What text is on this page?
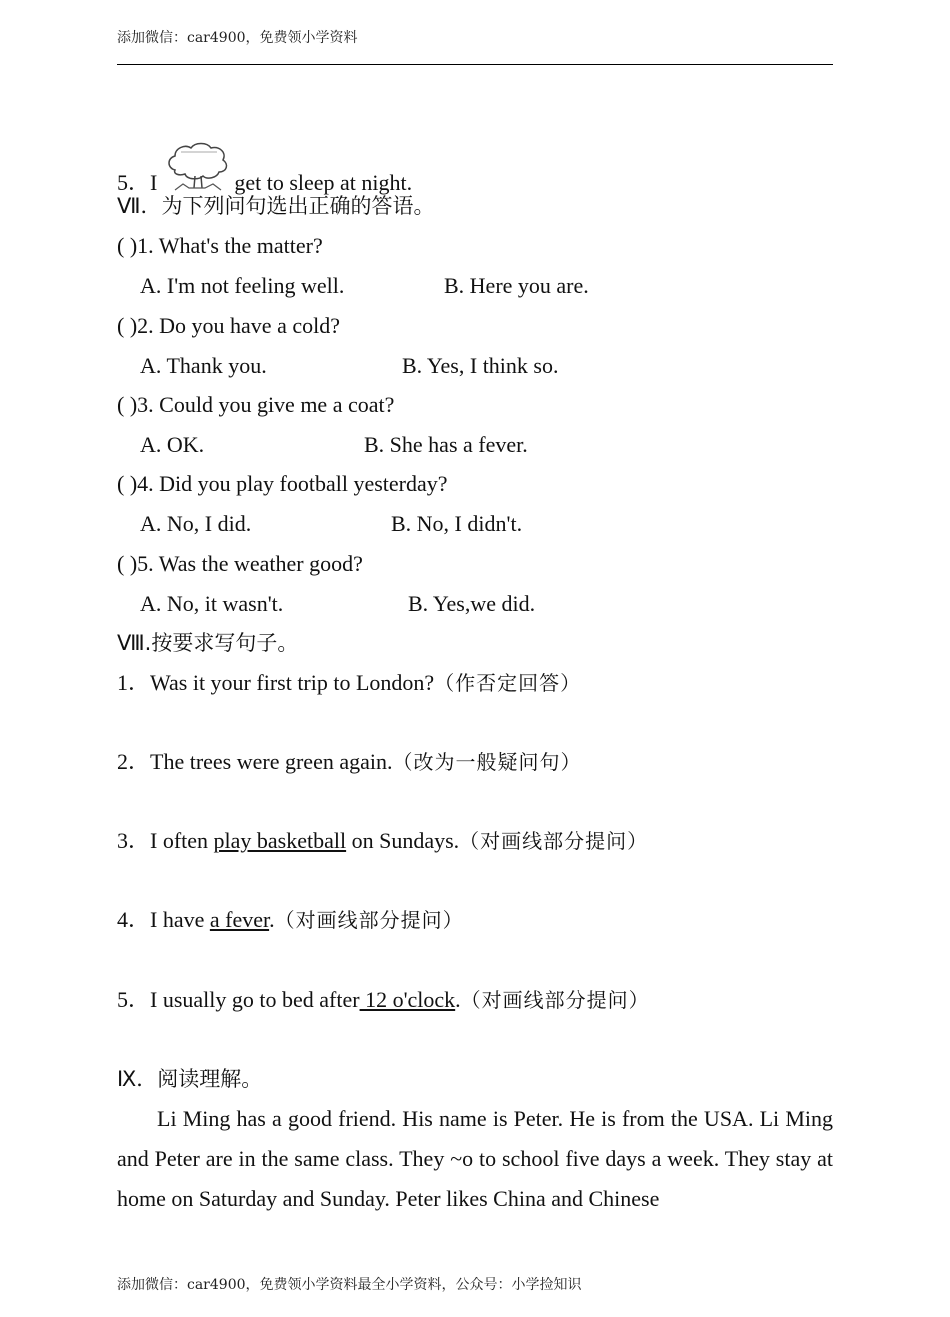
添加微信：car4900，免费领小学资料
5．I	get to sleep at night.
Ⅶ．为下列问句选出正确的答语。
( )1. What's the matter?
A. I'm not feeling well.	B. Here you are.
( )2. Do you have a cold?
A. Thank you.	B. Yes, I think so.
( )3. Could you give me a coat?
A. OK.	B. She has a fever.
( )4. Did you play football yesterday?
A. No, I did.	B. No, I didn't.
( )5. Was the weather good?
A. No, it wasn't.	B. Yes,we did.
Ⅷ.按要求写句子。
1．Was it your first trip to London?（作否定回答）
2．The trees were green again.（改为一般疑问句）
3．I often play basketball on Sundays.（对画线部分提问）
4．I have a fever.（对画线部分提问）
5．I usually go to bed after 12 o'clock.（对画线部分提问）
Ⅸ．阅读理解。
Li Ming has a good friend. His name is Peter. He is from the USA. Li Ming and Peter are in the same class. They ~o to school five days a week. They stay at home on Saturday and Sunday. Peter likes China and Chinese
添加微信：car4900，免费领小学资料最全小学资料，公众号：小学捡知识
